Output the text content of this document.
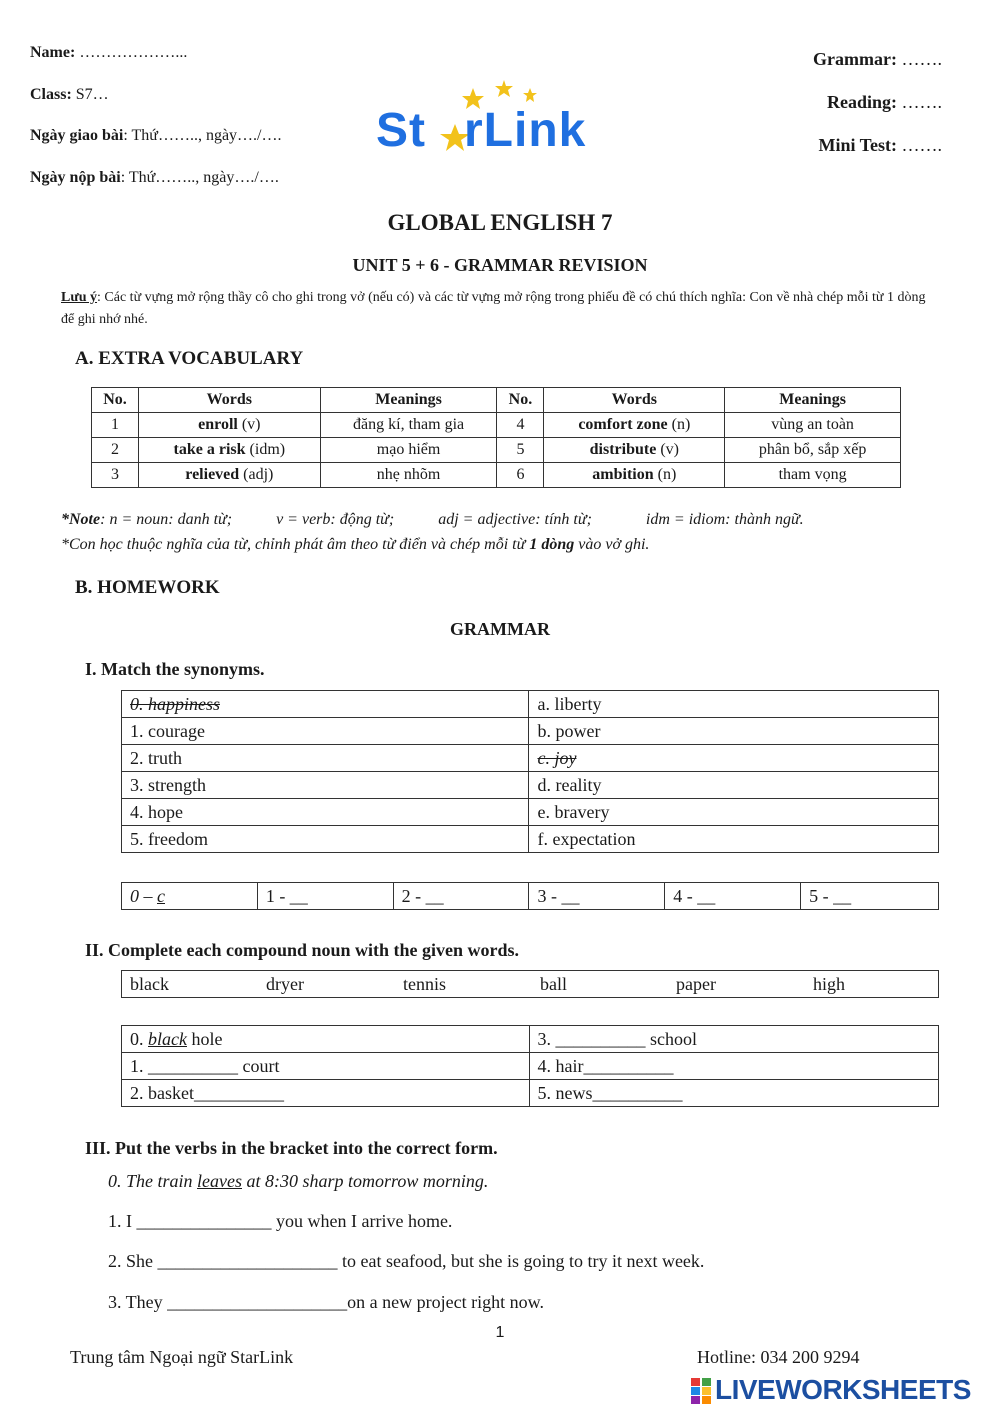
Name: ………………...
Class: S7…
Ngày giao bài: Thứ…….., ngày…./….
Ngày nộp bài: Thứ…….., ngày…./….
Grammar: …….
Reading: …….
Mini Test: …….
St rLink
GLOBAL ENGLISH 7
UNIT 5 + 6 - GRAMMAR REVISION
Lưu ý: Các từ vựng mở rộng thầy cô cho ghi trong vở (nếu có) và các từ vựng mở rộng trong phiếu đề có chú thích nghĩa: Con về nhà chép mỗi từ 1 dòng để ghi nhớ nhé.
A. EXTRA VOCABULARY
No.	Words	Meanings	No.	Words	Meanings
1	enroll (v)	đăng kí, tham gia	4	comfort zone (n)	vùng an toàn
2	take a risk (idm)	mạo hiểm	5	distribute (v)	phân bổ, sắp xếp
3	relieved (adj)	nhẹ nhõm	6	ambition (n)	tham vọng
*Note: n = noun: danh từ;	v = verb: động từ;	adj = adjective: tính từ;	idm = idiom: thành ngữ.
*Con học thuộc nghĩa của từ, chỉnh phát âm theo từ điển và chép mỗi từ 1 dòng vào vở ghi.
B. HOMEWORK
GRAMMAR
I. Match the synonyms.
0. happiness	a. liberty
1. courage	b. power
2. truth	c. joy
3. strength	d. reality
4. hope	e. bravery
5. freedom	f. expectation
0 – c	1 - __	2 - __	3 - __	4 - __	5 - __
II. Complete each compound noun with the given words.
black	dryer	tennis	ball	paper	high
0. black hole	3. __________ school
1. __________ court	4. hair__________
2. basket__________	5. news__________
III. Put the verbs in the bracket into the correct form.
0. The train leaves at 8:30 sharp tomorrow morning.
1. I _______________ you when I arrive home.
2. She ____________________ to eat seafood, but she is going to try it next week.
3. They ____________________on a new project right now.
1
Trung tâm Ngoại ngữ StarLink	Hotline: 034 200 9294
LIVEWORKSHEETS
